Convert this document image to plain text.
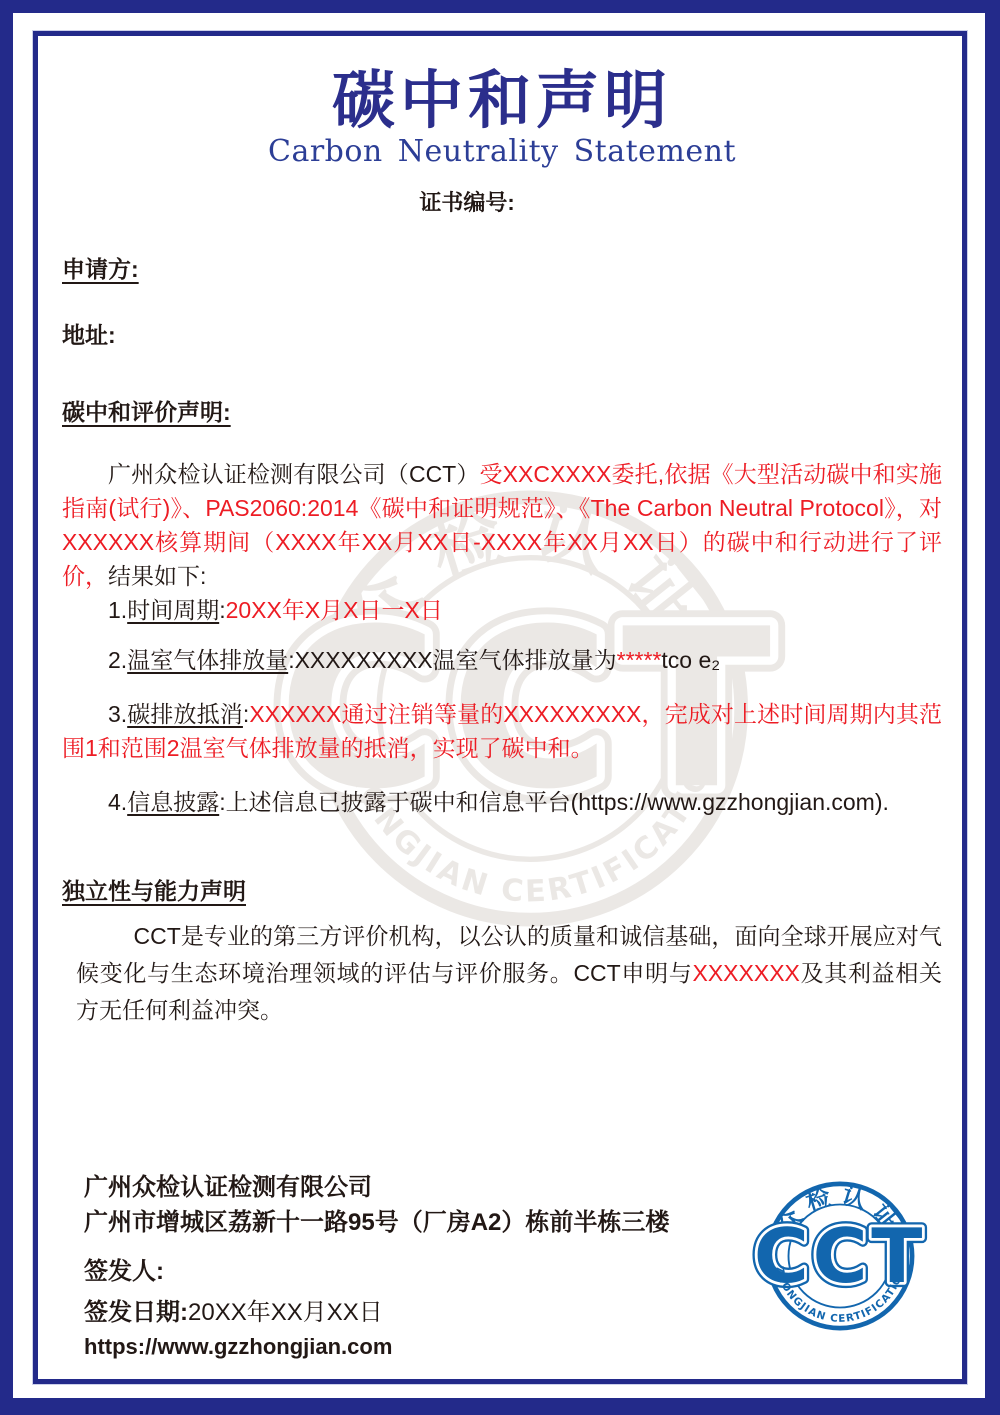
碳中和声明
Carbon Neutrality Statement
证书编号:
申请方:
地址:
碳中和评价声明:

广州众检认证检测有限公司（CCT）受XXCXXXX委托,依据《大型活动碳中和实施指南(试行)》、PAS2060:2014《碳中和证明规范》、《The Carbon Neutral Protocol》，对XXXXXX核算期间（XXXX年XX月XX日-XXXX年XX月XX日）的碳中和行动进行了评价，结果如下:

1.时间周期:20XX年X月X日一X日

2.温室气体排放量:XXXXXXXXX温室气体排放量为*****tco e₂

3.碳排放抵消:XXXXXX通过注销等量的XXXXXXXXX，完成对上述时间周期内其范围1和范围2温室气体排放量的抵消，实现了碳中和。

4.信息披露:上述信息已披露于碳中和信息平台(https://www.gzzhongjian.com).

独立性与能力声明

CCT是专业的第三方评价机构，以公认的质量和诚信基础，面向全球开展应对气候变化与生态环境治理领域的评估与评价服务。CCT申明与XXXXXXX及其利益相关方无任何利益冲突。

广州众检认证检测有限公司
广州市增城区荔新十一路95号（厂房A2）栋前半栋三楼
签发人:
签发日期:20XX年XX月XX日
https://www.gzzhongjian.com
